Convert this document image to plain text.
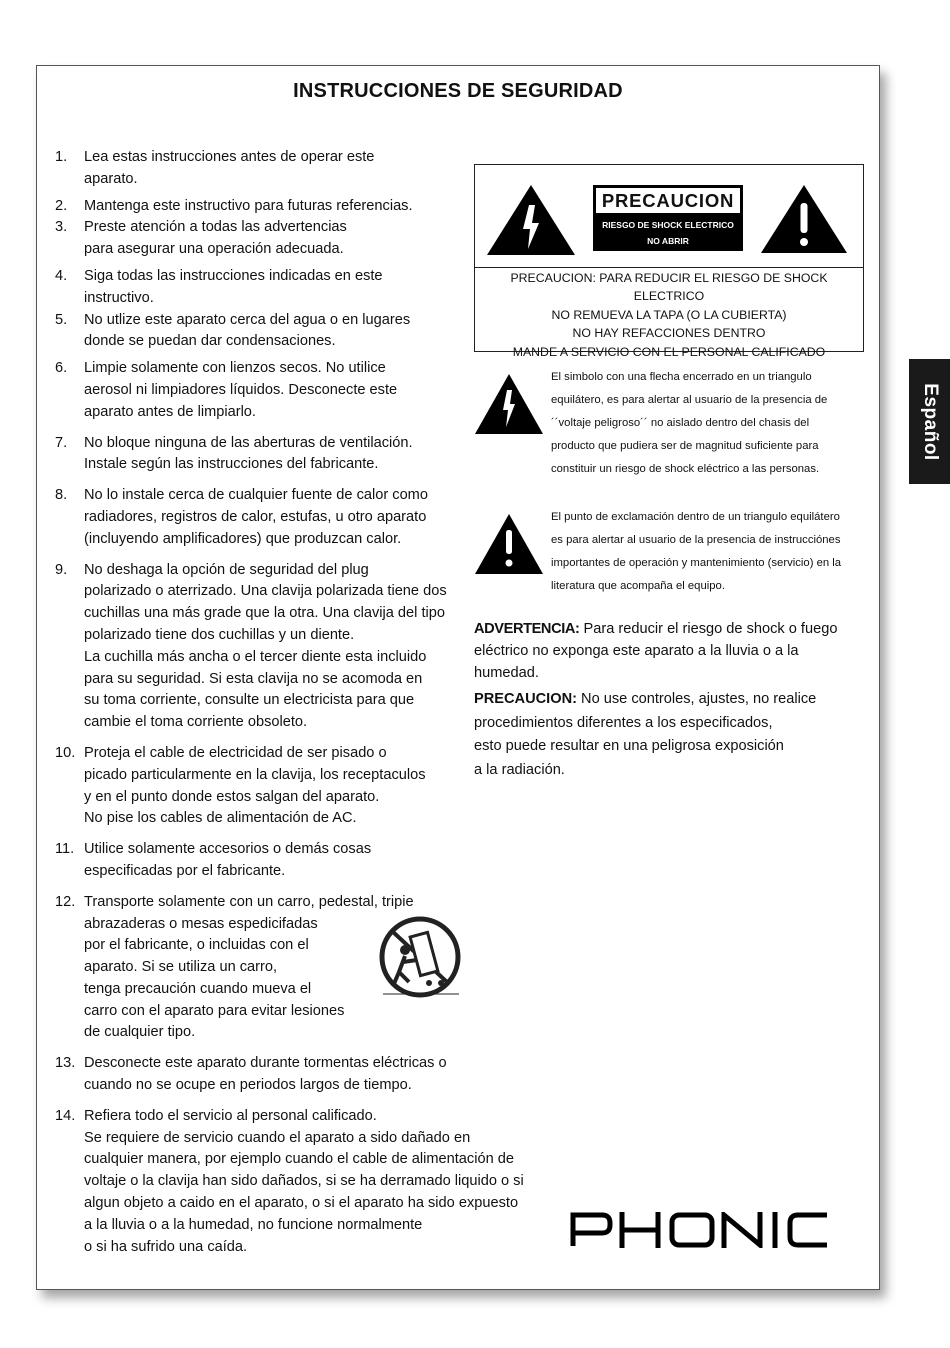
INSTRUCCIONES DE SEGURIDAD
1. Lea estas instrucciones antes de operar este
aparato.
2. Mantenga este instructivo para futuras referencias.
3. Preste atención a todas las advertencias
para asegurar una operación adecuada.
4. Siga todas las instrucciones indicadas en este
instructivo.
5. No utlize este aparato cerca del agua o en lugares
donde se puedan dar condensaciones.
6. Limpie solamente con lienzos secos. No utilice
aerosol ni limpiadores líquidos. Desconecte este
aparato antes de limpiarlo.
7. No bloque ninguna de las aberturas de ventilación.
Instale según las instrucciones del fabricante.
8. No lo instale cerca de cualquier fuente de calor como
radiadores, registros de calor, estufas, u otro aparato
(incluyendo amplificadores) que produzcan calor.
9. No deshaga la opción de seguridad del plug
polarizado o aterrizado. Una clavija polarizada tiene dos
cuchillas una más grade que la otra. Una clavija del tipo
polarizado tiene dos cuchillas y un diente.
La cuchilla más ancha o el tercer diente esta incluido
para su seguridad. Si esta clavija no se acomoda en
su toma corriente, consulte un electricista para que
cambie el toma corriente obsoleto.
10. Proteja el cable de electricidad de ser pisado o
picado particularmente en la clavija, los receptaculos
y en el punto donde estos salgan del aparato.
No pise los cables de alimentación de AC.
11. Utilice solamente accesorios o demás cosas
especificadas por el fabricante.
12. Transporte solamente con un carro, pedestal, tripie
abrazaderas o mesas espedicifadas
por el fabricante, o incluidas con el
aparato. Si se utiliza un carro,
tenga precaución cuando mueva el
carro con el aparato para evitar lesiones
de cualquier tipo.
13. Desconecte este aparato durante tormentas eléctricas o
cuando no se ocupe en periodos largos de tiempo.
14. Refiera todo el servicio al personal calificado.
Se requiere de servicio cuando el aparato a sido dañado en
cualquier manera, por ejemplo cuando el cable de alimentación de
voltaje o la clavija han sido dañados, si se ha derramado liquido o si
algun objeto a caido en el aparato, o si el aparato ha sido expuesto
a la lluvia o a la humedad, no funcione normalmente
o si ha sufrido una caída.
PRECAUCION
RIESGO DE SHOCK ELECTRICO
NO ABRIR
PRECAUCION: PARA REDUCIR EL RIESGO DE SHOCK ELECTRICO
NO REMUEVA LA TAPA (O LA CUBIERTA)
NO HAY REFACCIONES DENTRO
MANDE A SERVICIO CON EL PERSONAL CALIFICADO
El simbolo con una flecha encerrado en un triangulo
equilátero, es para alertar al usuario de la presencia de
´´voltaje peligroso´´ no aislado dentro del chasis del
producto que pudiera ser de magnitud suficiente para
constituir un riesgo de shock eléctrico a las personas.
El punto de exclamación dentro de un triangulo equilátero
es para alertar al usuario de la presencia de instrucciónes
importantes de operación y mantenimiento (servicio) en la
literatura que acompaña el equipo.
ADVERTENCIA: Para reducir el riesgo de shock o fuego
eléctrico no exponga este aparato a la lluvia o a la
humedad.
PRECAUCION: No use controles, ajustes, no realice
procedimientos diferentes a los especificados,
esto puede resultar en una peligrosa exposición
a la radiación.
Español
